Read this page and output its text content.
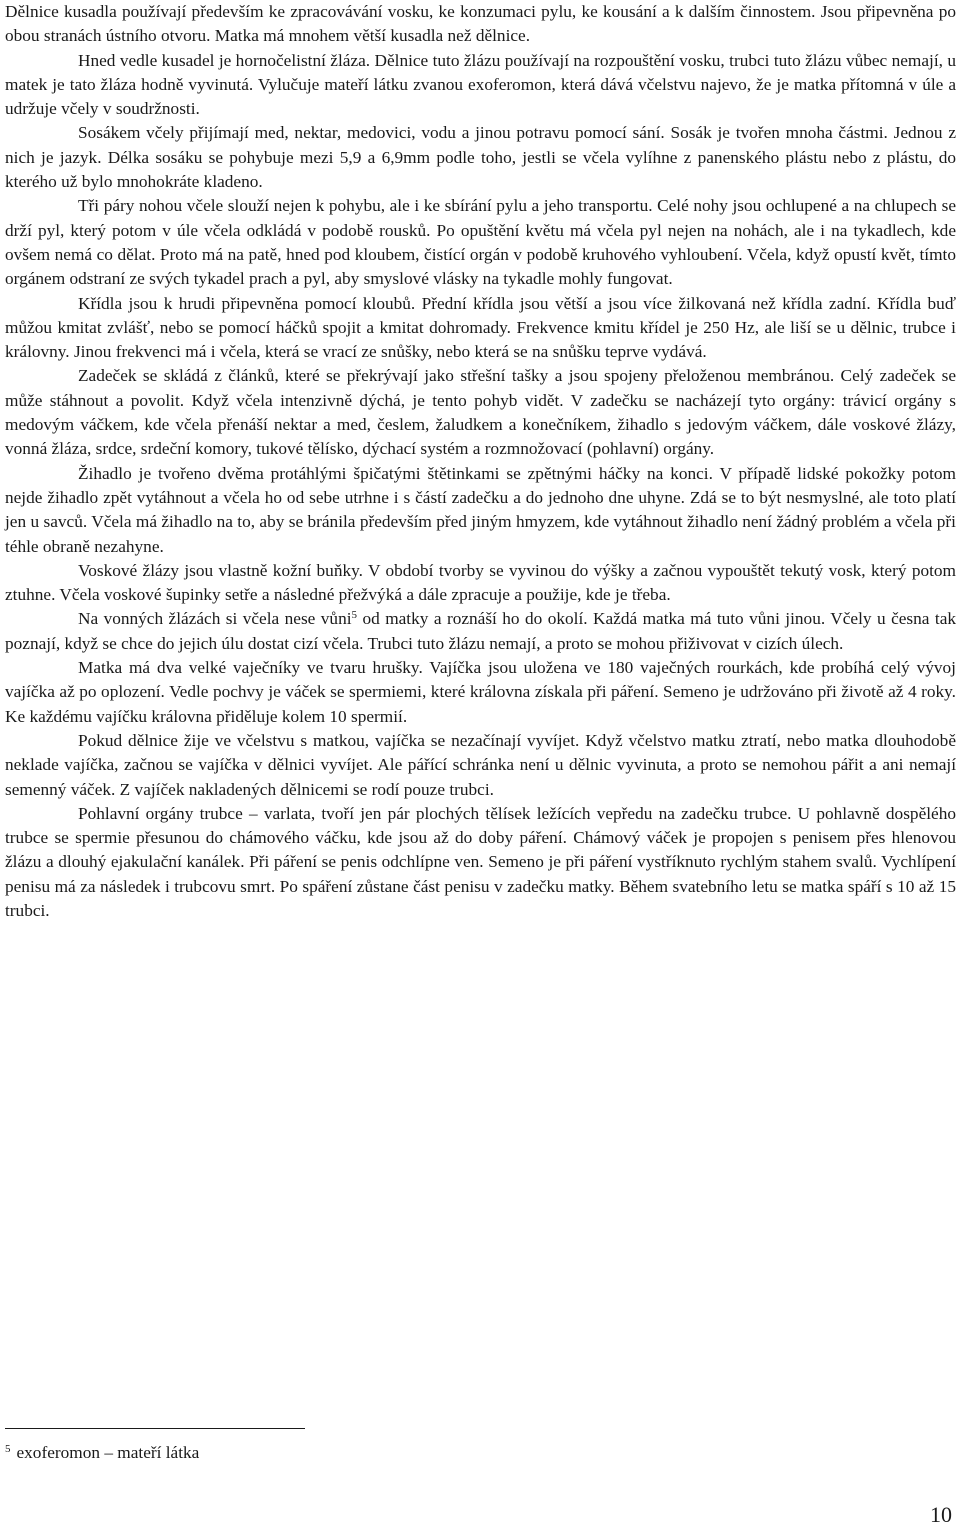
Dělnice kusadla používají především ke zpracovávání vosku, ke konzumaci pylu, ke kousání a k dalším činnostem. Jsou připevněna po obou stranách ústního otvoru. Matka má mnohem větší kusadla než dělnice.

Hned vedle kusadel je hornočelistní žláza. Dělnice tuto žlázu používají na rozpouštění vosku, trubci tuto žlázu vůbec nemají, u matek je tato žláza hodně vyvinutá. Vylučuje mateří látku zvanou exoferomon, která dává včelstvu najevo, že je matka přítomná v úle a udržuje včely v soudržnosti.

Sosákem včely přijímají med, nektar, medovici, vodu a jinou potravu pomocí sání. Sosák je tvořen mnoha částmi. Jednou z nich je jazyk. Délka sosáku se pohybuje mezi 5,9 a 6,9mm podle toho, jestli se včela vylíhne z panenského plástu nebo z plástu, do kterého už bylo mnohokráte kladeno.

Tři páry nohou včele slouží nejen k pohybu, ale i ke sbírání pylu a jeho transportu. Celé nohy jsou ochlupené a na chlupech se drží pyl, který potom v úle včela odkládá v podobě rousků. Po opuštění květu má včela pyl nejen na nohách, ale i na tykadlech, kde ovšem nemá co dělat. Proto má na patě, hned pod kloubem, čistící orgán v podobě kruhového vyhloubení. Včela, když opustí květ, tímto orgánem odstraní ze svých tykadel prach a pyl, aby smyslové vlásky na tykadle mohly fungovat.

Křídla jsou k hrudi připevněna pomocí kloubů. Přední křídla jsou větší a jsou více žilkovaná než křídla zadní. Křídla buď můžou kmitat zvlášť, nebo se pomocí háčků spojit a kmitat dohromady. Frekvence kmitu křídel je 250 Hz, ale liší se u dělnic, trubce i královny. Jinou frekvenci má i včela, která se vrací ze snůšky, nebo která se na snůšku teprve vydává.

Zadeček se skládá z článků, které se překrývají jako střešní tašky a jsou spojeny přeloženou membránou. Celý zadeček se může stáhnout a povolit. Když včela intenzivně dýchá, je tento pohyb vidět. V zadečku se nacházejí tyto orgány: trávicí orgány s medovým váčkem, kde včela přenáší nektar a med, česlem, žaludkem a konečníkem, žihadlo s jedovým váčkem, dále voskové žlázy, vonná žláza, srdce, srdeční komory, tukové tělísko, dýchací systém a rozmnožovací (pohlavní) orgány.

Žihadlo je tvořeno dvěma protáhlými špičatými štětinkami se zpětnými háčky na konci. V případě lidské pokožky potom nejde žihadlo zpět vytáhnout a včela ho od sebe utrhne i s částí zadečku a do jednoho dne uhyne. Zdá se to být nesmyslné, ale toto platí jen u savců. Včela má žihadlo na to, aby se bránila především před jiným hmyzem, kde vytáhnout žihadlo není žádný problém a včela při téhle obraně nezahyne.

Voskové žlázy jsou vlastně kožní buňky. V období tvorby se vyvinou do výšky a začnou vypouštět tekutý vosk, který potom ztuhne. Včela voskové šupinky setře a následné přežvýká a dále zpracuje a použije, kde je třeba.

Na vonných žlázách si včela nese vůni$^5$ od matky a roznáší ho do okolí. Každá matka má tuto vůni jinou. Včely u česna tak poznají, když se chce do jejich úlu dostat cizí včela. Trubci tuto žlázu nemají, a proto se mohou přiživovat v cizích úlech.

Matka má dva velké vaječníky ve tvaru hrušky. Vajíčka jsou uložena ve 180 vaječných rourkách, kde probíhá celý vývoj vajíčka až po oplození. Vedle pochvy je váček se spermiemi, které královna získala při páření. Semeno je udržováno při životě až 4 roky. Ke každému vajíčku královna přiděluje kolem 10 spermií.

Pokud dělnice žije ve včelstvu s matkou, vajíčka se nezačínají vyvíjet. Když včelstvo matku ztratí, nebo matka dlouhodobě neklade vajíčka, začnou se vajíčka v dělnici vyvíjet. Ale pářící schránka není u dělnic vyvinuta, a proto se nemohou pářit a ani nemají semenný váček. Z vajíček nakladených dělnicemi se rodí pouze trubci.

Pohlavní orgány trubce – varlata, tvoří jen pár plochých tělísek ležících vepředu na zadečku trubce. U pohlavně dospělého trubce se spermie přesunou do chámového váčku, kde jsou až do doby páření. Chámový váček je propojen s penisem přes hlenovou žlázu a dlouhý ejakulační kanálek. Při páření se penis odchlípne ven. Semeno je při páření vystříknuto rychlým stahem svalů. Vychlípení penisu má za následek i trubcovu smrt. Po spáření zůstane část penisu v zadečku matky. Během svatebního letu se matka spáří s 10 až 15 trubci.

$^5$ exoferomon – mateří látka
10
